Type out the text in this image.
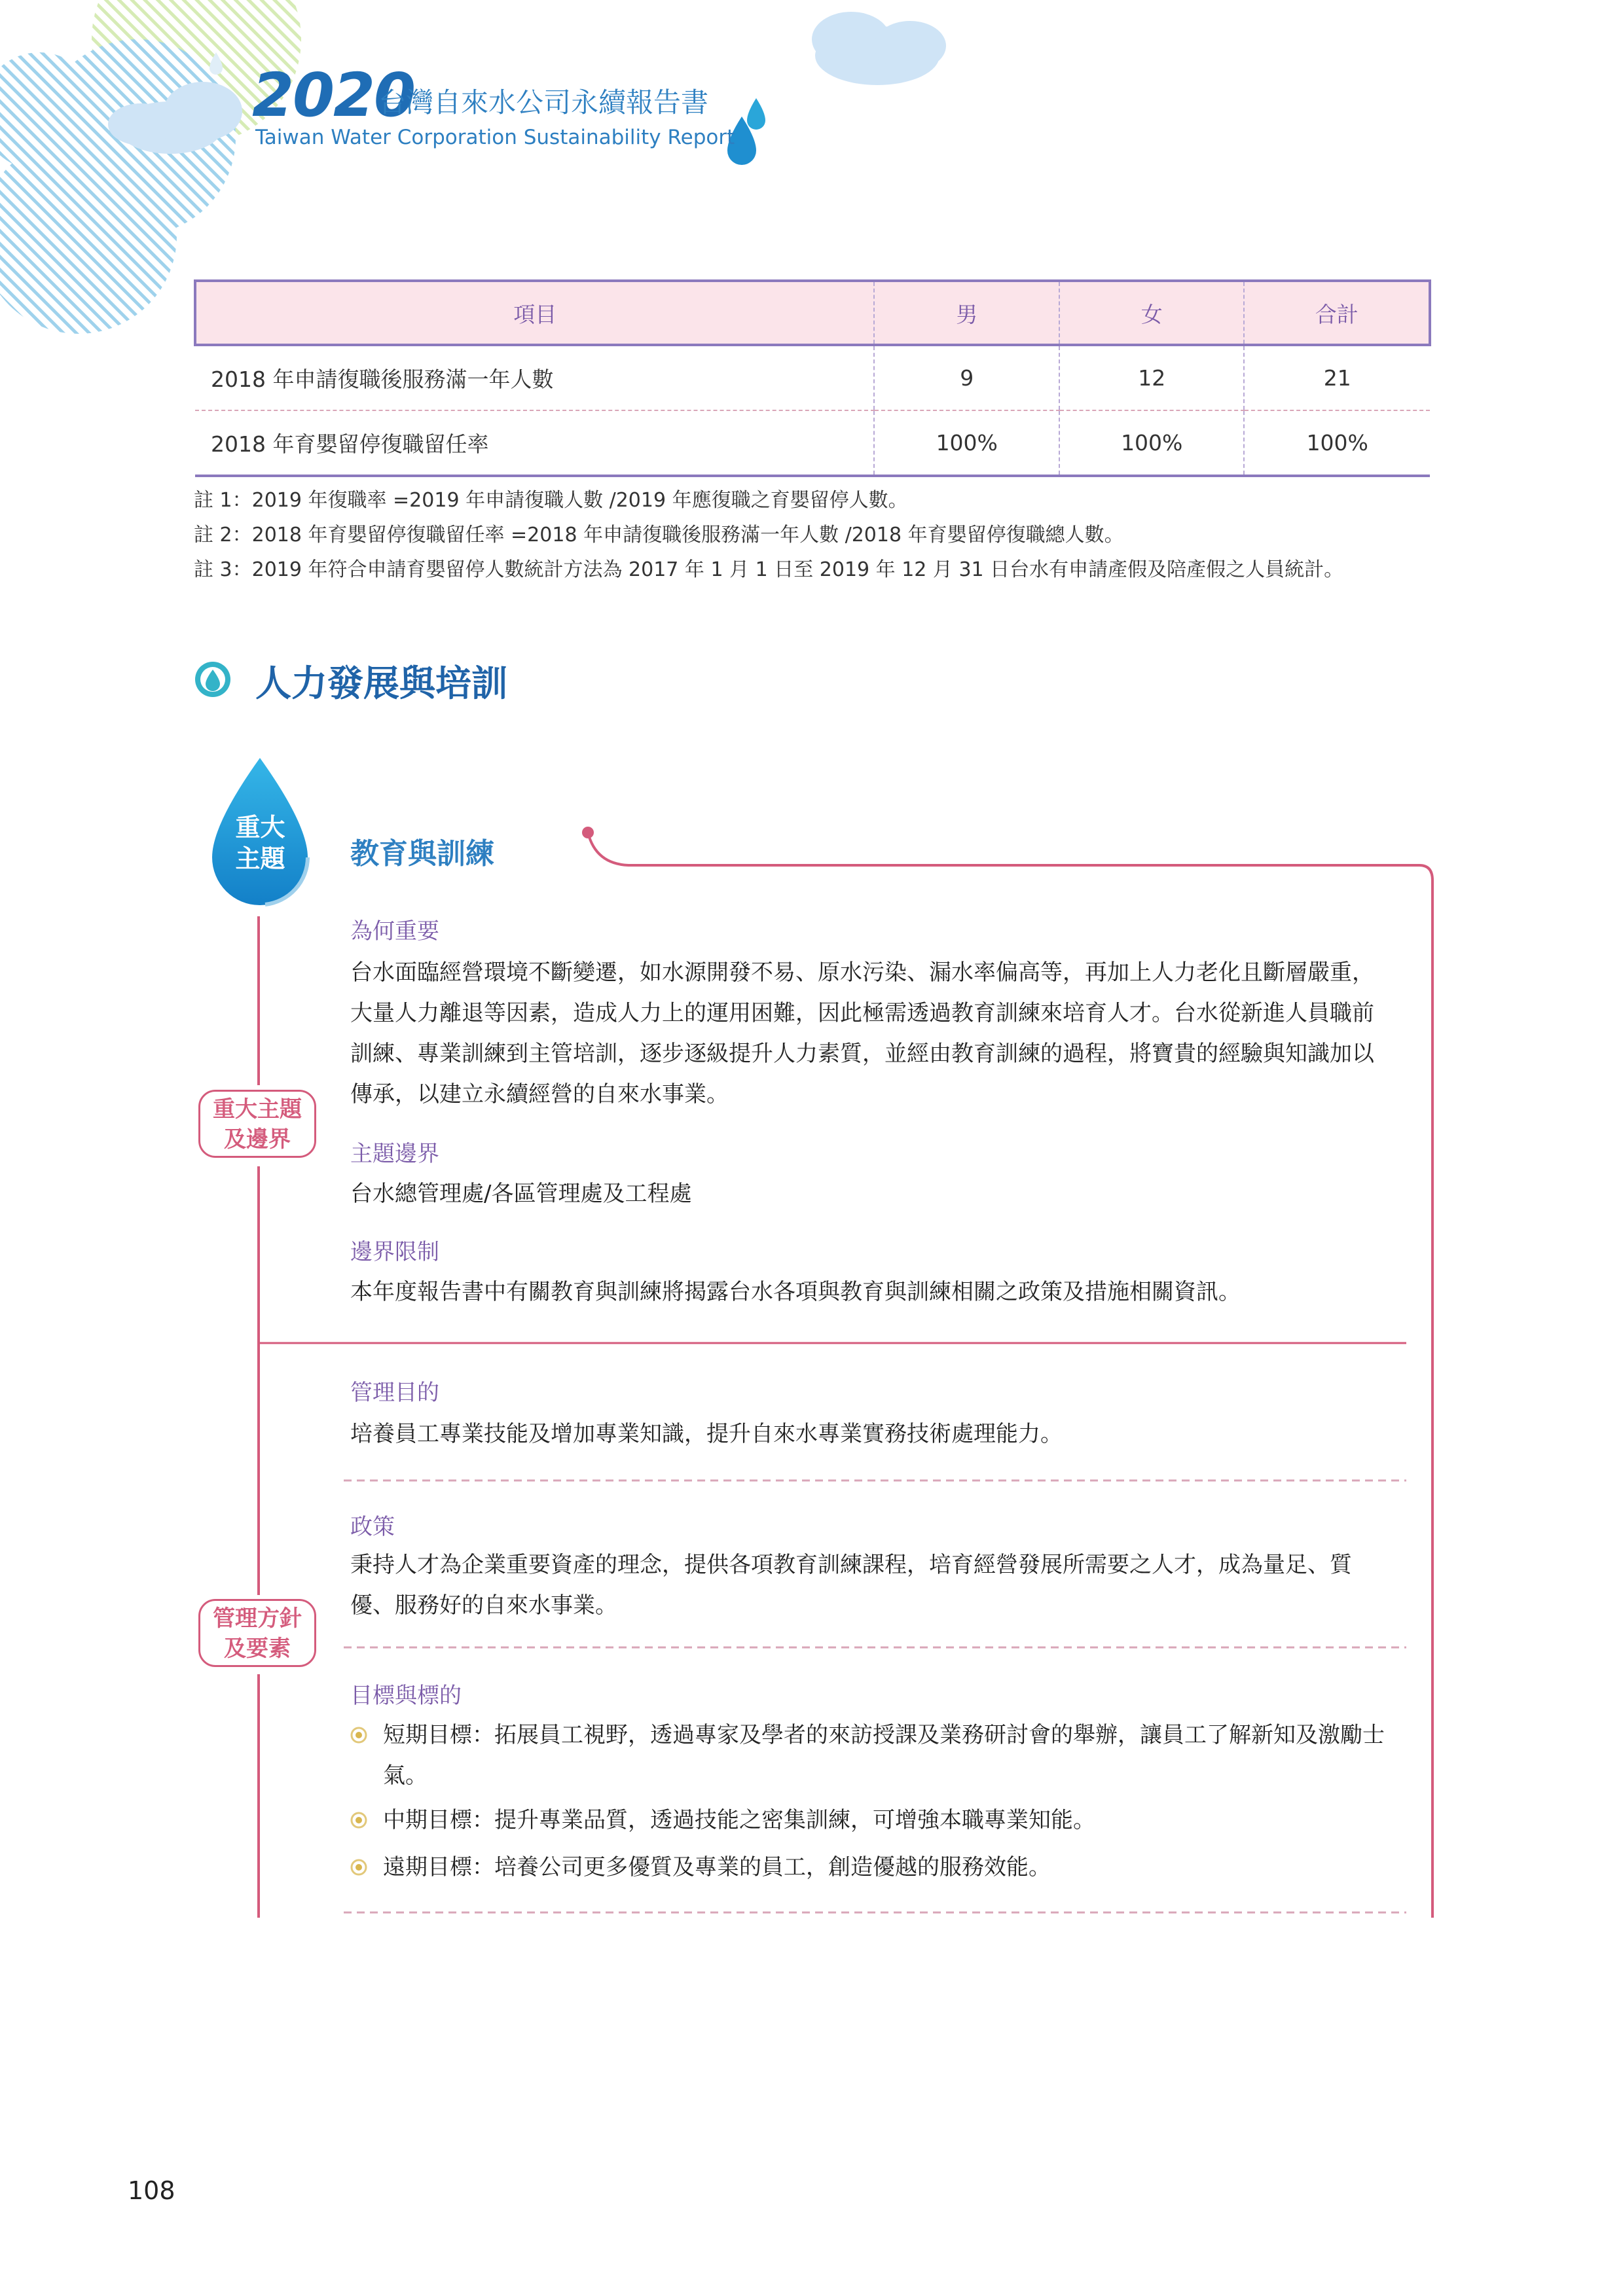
2020
台灣自來水公司永續報告書
Taiwan Water Corporation Sustainability Report
項目	男	女	合計
2018 年申請復職後服務滿一年人數	9	12	21
2018 年育嬰留停復職留任率	100%	100%	100%
註 1：2019 年復職率 =2019 年申請復職人數 /2019 年應復職之育嬰留停人數。
註 2：2018 年育嬰留停復職留任率 =2018 年申請復職後服務滿一年人數 /2018 年育嬰留停復職總人數。
註 3：2019 年符合申請育嬰留停人數統計方法為 2017 年 1 月 1 日至 2019 年 12 月 31 日台水有申請產假及陪產假之人員統計。
人力發展與培訓
重大
主題	教育與訓練
重大主題
及邊界
管理方針
及要素
為何重要
台水面臨經營環境不斷變遷，如水源開發不易、原水污染、漏水率偏高等，再加上人力老化且斷層嚴重，大量人力離退等因素，造成人力上的運用困難，因此極需透過教育訓練來培育人才。台水從新進人員職前訓練、專業訓練到主管培訓，逐步逐級提升人力素質，並經由教育訓練的過程，將寶貴的經驗與知識加以傳承，以建立永續經營的自來水事業。
主題邊界
台水總管理處/各區管理處及工程處
邊界限制
本年度報告書中有關教育與訓練將揭露台水各項與教育與訓練相關之政策及措施相關資訊。
管理目的
培養員工專業技能及增加專業知識，提升自來水專業實務技術處理能力。
政策
秉持人才為企業重要資產的理念，提供各項教育訓練課程，培育經營發展所需要之人才，成為量足、質優、服務好的自來水事業。
目標與標的
短期目標：拓展員工視野，透過專家及學者的來訪授課及業務研討會的舉辦，讓員工了解新知及激勵士氣。
中期目標：提升專業品質，透過技能之密集訓練，可增強本職專業知能。
遠期目標：培養公司更多優質及專業的員工，創造優越的服務效能。
108
